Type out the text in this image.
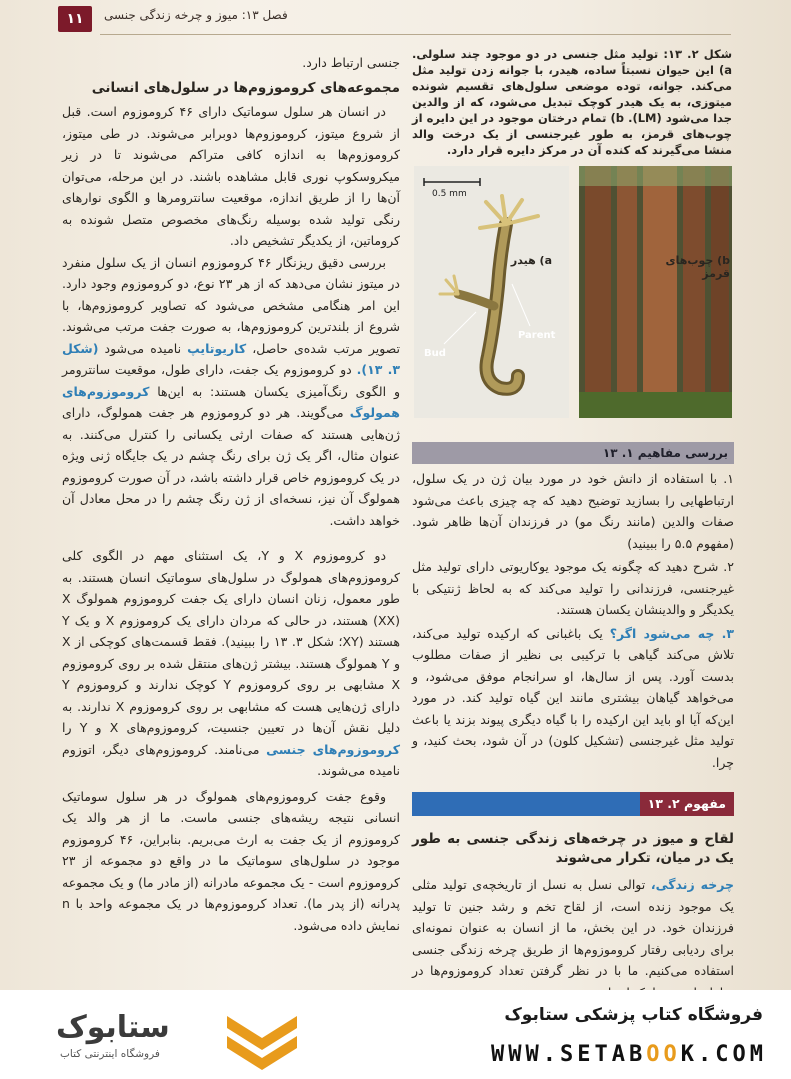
۱۱	فصل ۱۳: میوز و چرخه زندگی جنسی

جنسی ارتباط دارد.

مجموعه‌های کروموزوم‌ها در سلول‌های انسانی

در انسان هر سلول سوماتیک دارای ۴۶ کروموزوم است. قبل از شروع میتوز، کروموزوم‌ها دوبرابر می‌شوند. در طی میتوز، کروموزوم‌ها به اندازه کافی متراکم می‌شوند تا در زیر میکروسکوپ نوری قابل مشاهده باشند. در این مرحله، می‌توان آن‌ها را از طریق اندازه، موقعیت سانترومرها و الگوی نوارهای رنگی تولید شده بوسیله رنگ‌های مخصوص متصل شونده به کروماتین، از یکدیگر تشخیص داد.

بررسی دقیق ریزنگار ۴۶ کروموزوم انسان از یک سلول منفرد در میتوز نشان می‌دهد که از هر ۲۳ نوع، دو کروموزوم وجود دارد. این امر هنگامی مشخص می‌شود که تصاویر کروموزوم‌ها، با شروع از بلندترین کروموزوم‌ها، به صورت جفت مرتب می‌شوند. تصویر مرتب شده‌ی حاصل، کاریوتایپ نامیده می‌شود (شکل ۳. ۱۳). دو کروموزوم یک جفت، دارای طول، موقعیت سانترومر و الگوی رنگ‌آمیزی یکسان هستند: به این‌ها کروموزوم‌های همولوگ می‌گویند. هر دو کروموزوم هر جفت همولوگ، دارای ژن‌هایی هستند که صفات ارثی یکسانی را کنترل می‌کنند. به عنوان مثال، اگر یک ژن برای رنگ چشم در یک جایگاه ژنی ویژه در یک کروموزوم خاص قرار داشته باشد، در آن صورت کروموزوم همولوگ آن نیز، نسخه‌ای از ژن رنگ چشم را در محل معادل آن خواهد داشت.

دو کروموزوم X و Y، یک استثنای مهم در الگوی کلی کروموزوم‌های همولوگ در سلول‌های سوماتیک انسان هستند. به طور معمول، زنان انسان دارای یک جفت کروموزوم همولوگ X (XX) هستند، در حالی که مردان دارای یک کروموزوم X و یک Y هستند (XY؛ شکل ۳. ۱۳ را ببینید). فقط قسمت‌های کوچکی از X و Y همولوگ هستند. بیشتر ژن‌های منتقل شده بر روی کروموزوم X مشابهی بر روی کروموزوم Y کوچک ندارند و کروموزوم Y دارای ژن‌هایی هست که مشابهی بر روی کروموزوم X ندارند. به دلیل نقش آن‌ها در تعیین جنسیت، کروموزوم‌های X و Y را کروموزوم‌های جنسی می‌نامند. کروموزوم‌های دیگر، اتوزوم نامیده می‌شوند.

وقوع جفت کروموزوم‌های همولوگ در هر سلول سوماتیک انسانی نتیجه ریشه‌های جنسی ماست. ما از هر والد یک کروموزوم از یک جفت به ارث می‌بریم. بنابراین، ۴۶ کروموزوم موجود در سلول‌های سوماتیک ما در واقع دو مجموعه از ۲۳ کروموزوم است - یک مجموعه مادرانه (از مادر ما) و یک مجموعه پدرانه (از پدر ما). تعداد کروموزوم‌ها در یک مجموعه واحد با n نمایش داده می‌شود.

شکل ۲. ۱۳: تولید مثل جنسی در دو موجود چند سلولی. a) این حیوان نسبتاً ساده، هیدر، با جوانه زدن تولید مثل می‌کند. جوانه، توده موضعی سلول‌های تقسیم شونده میتوزی، به یک هیدر کوچک تبدیل می‌شود، که از والدین جدا می‌شود (LM). b) تمام درختان موجود در این دایره از چوب‌های قرمز، به طور غیرجنسی از یک درخت والد منشا می‌گیرند که کنده آن در مرکز دایره قرار دارد.
0.5 mm
Bud
Parent
a) هیدر	b) چوب‌های قرمز
بررسی مفاهیم ۱. ۱۳

۱. با استفاده از دانش خود در مورد بیان ژن در یک سلول، ارتباطهایی را بسازید توضیح دهید که چه چیزی باعث می‌شود صفات والدین (مانند رنگ مو) در فرزندان آن‌ها ظاهر شود. (مفهوم ۵.۵ را ببینید)

۲. شرح دهید که چگونه یک موجود یوکاریوتی دارای تولید مثل غیرجنسی، فرزندانی را تولید می‌کند که به لحاظ ژنتیکی با یکدیگر و والدینشان یکسان هستند.

۳. چه می‌شود اگر؟ یک باغبانی که ارکیده تولید می‌کند، تلاش می‌کند گیاهی با ترکیبی بی نظیر از صفات مطلوب بدست آورد. پس از سال‌ها، او سرانجام موفق می‌شود، و می‌خواهد گیاهان بیشتری مانند این گیاه تولید کند. در مورد این‌که آیا او باید این ارکیده را با گیاه دیگری پیوند بزند یا باعث تولید مثل غیرجنسی (تشکیل کلون) در آن شود، بحث کنید، و چرا.

مفهوم ۲. ۱۳

لقاح و میوز در چرخه‌های زندگی جنسی به طور یک در میان، تکرار می‌شوند

چرخه زندگی، توالی نسل به نسل از تاریخچه‌ی تولید مثلی یک موجود زنده است، از لقاح تخم و رشد جنین تا تولید فرزندان خود. در این بخش، ما از انسان به عنوان نمونه‌ای برای ردیابی رفتار کروموزوم‌ها از طریق چرخه زندگی جنسی استفاده می‌کنیم. ما با در نظر گرفتن تعداد کروموزوم‌ها در

ستابوک
فروشگاه اینترنتی کتاب
فروشگاه کتاب پزشکی ستابوک
WWW.SETABOOK.COM
